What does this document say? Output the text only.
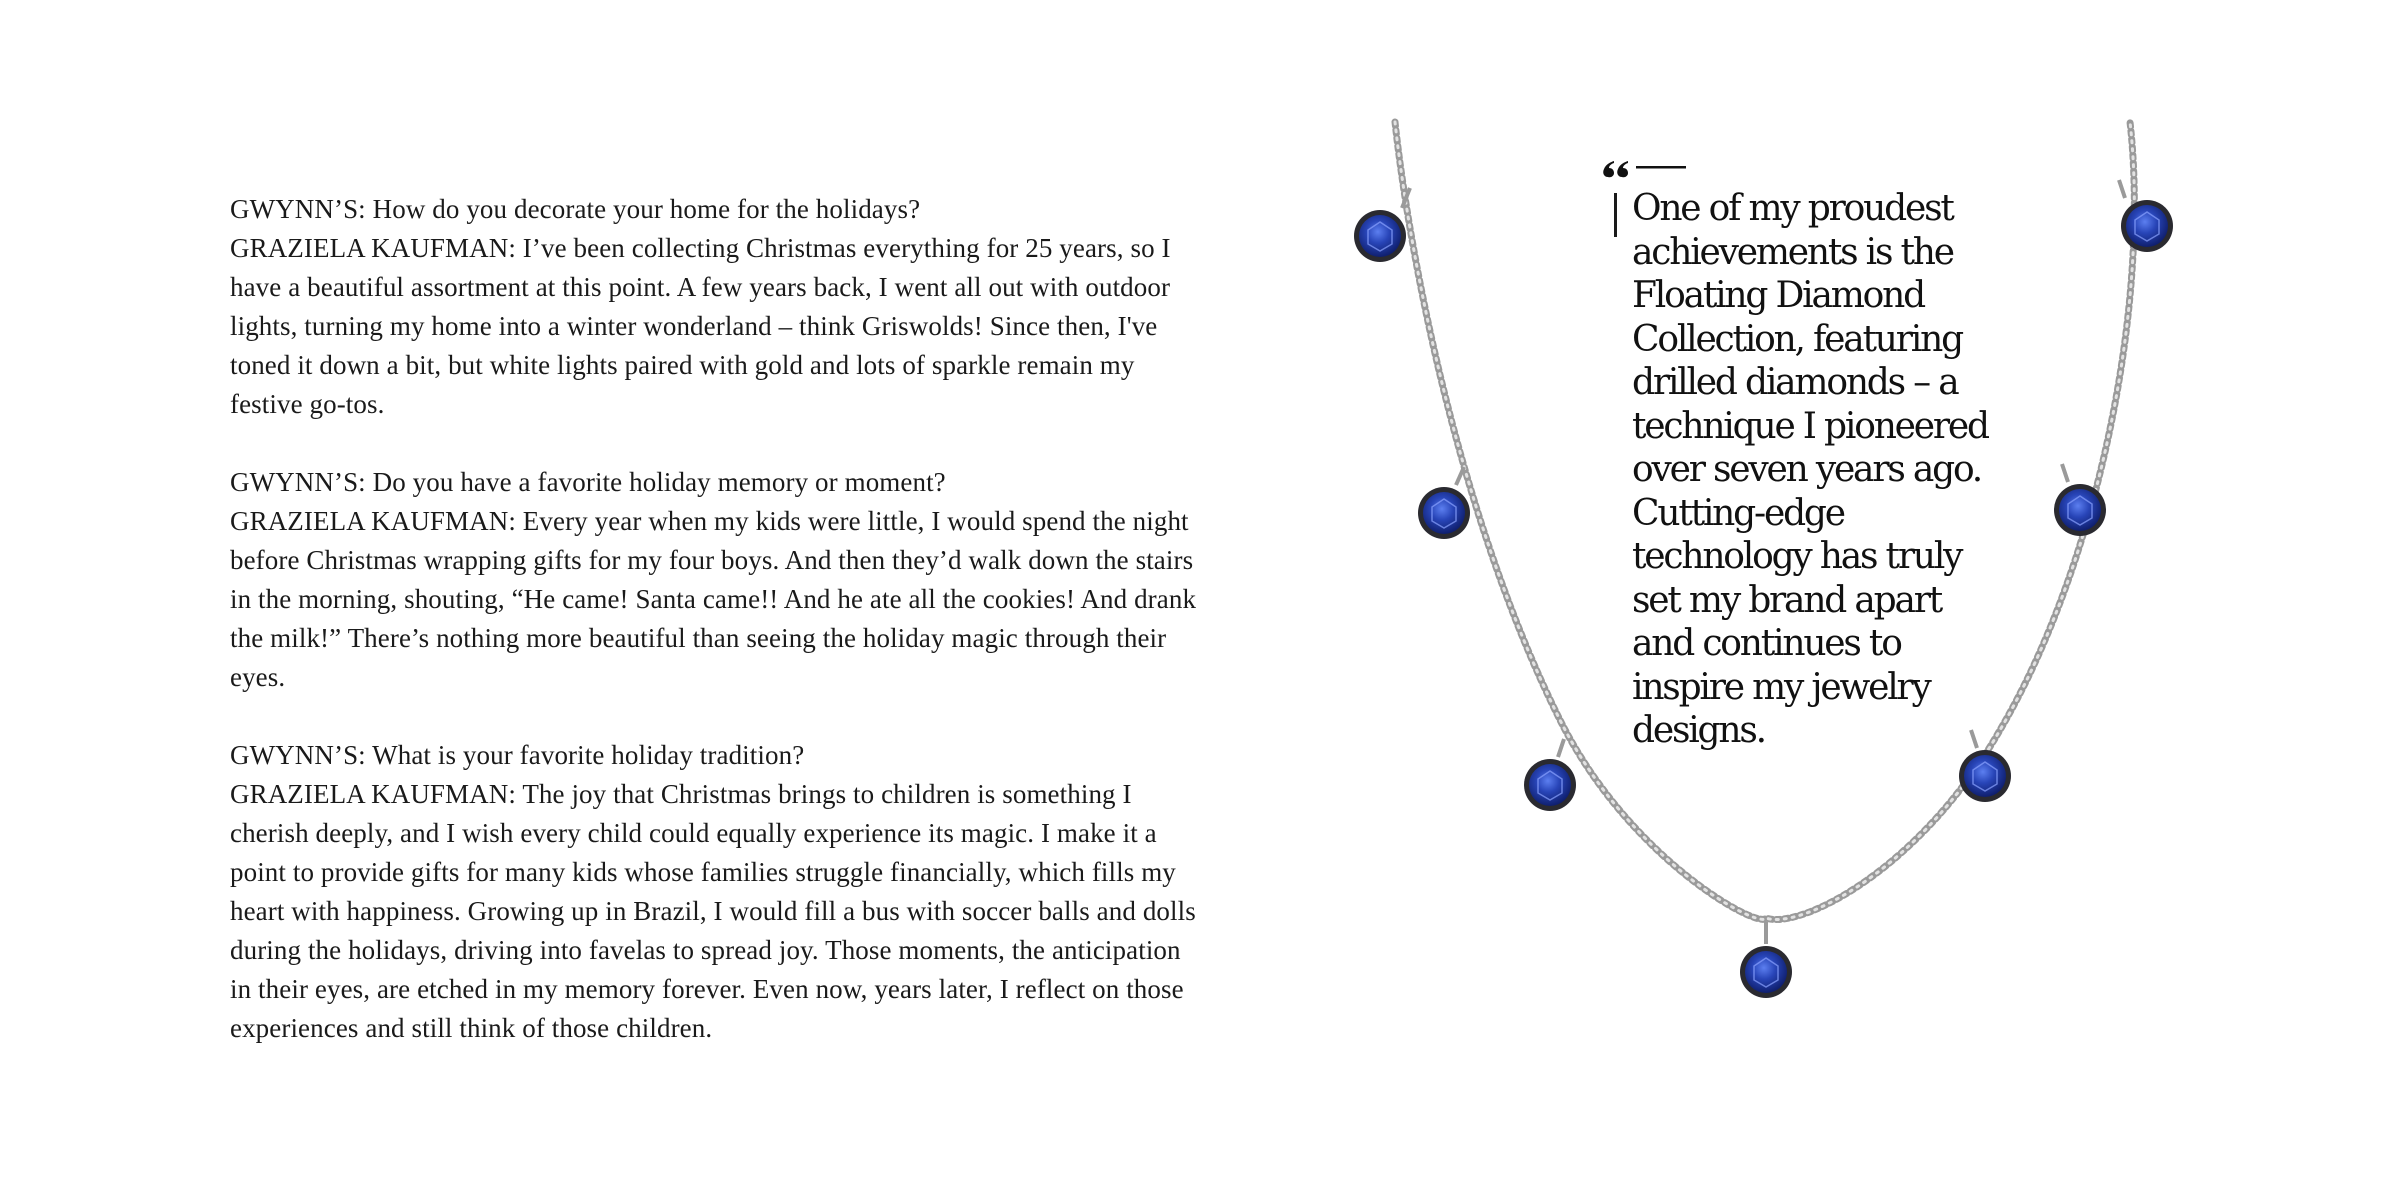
GWYNN’S: How do you decorate your home for the holidays?

GRAZIELA KAUFMAN: I’ve been collecting Christmas everything for 25 years, so I have a beautiful assortment at this point. A few years back, I went all out with outdoor lights, turning my home into a winter wonderland – think Griswolds! Since then, I've toned it down a bit, but white lights paired with gold and lots of sparkle remain my festive go-tos.

GWYNN’S: Do you have a favorite holiday memory or moment?

GRAZIELA KAUFMAN: Every year when my kids were little, I would spend the night before Christmas wrapping gifts for my four boys. And then they’d walk down the stairs in the morning, shouting, “He came! Santa came!! And he ate all the cookies! And drank the milk!” There’s nothing more beautiful than seeing the holiday magic through their eyes.

GWYNN’S: What is your favorite holiday tradition?

GRAZIELA KAUFMAN: The joy that Christmas brings to children is something I cherish deeply, and I wish every child could equally experience its magic. I make it a point to provide gifts for many kids whose families struggle financially, which fills my heart with happiness. Growing up in Brazil, I would fill a bus with soccer balls and dolls during the holidays, driving into favelas to spread joy. Those moments, the anticipation in their eyes, are etched in my memory forever. Even now, years later, I reflect on those experiences and still think of those children.

One of my proudest achievements is the Floating Diamond Collection, featuring drilled diamonds – a technique I pioneered over seven years ago. Cutting-edge technology has truly set my brand apart and continues to inspire my jewelry designs.
